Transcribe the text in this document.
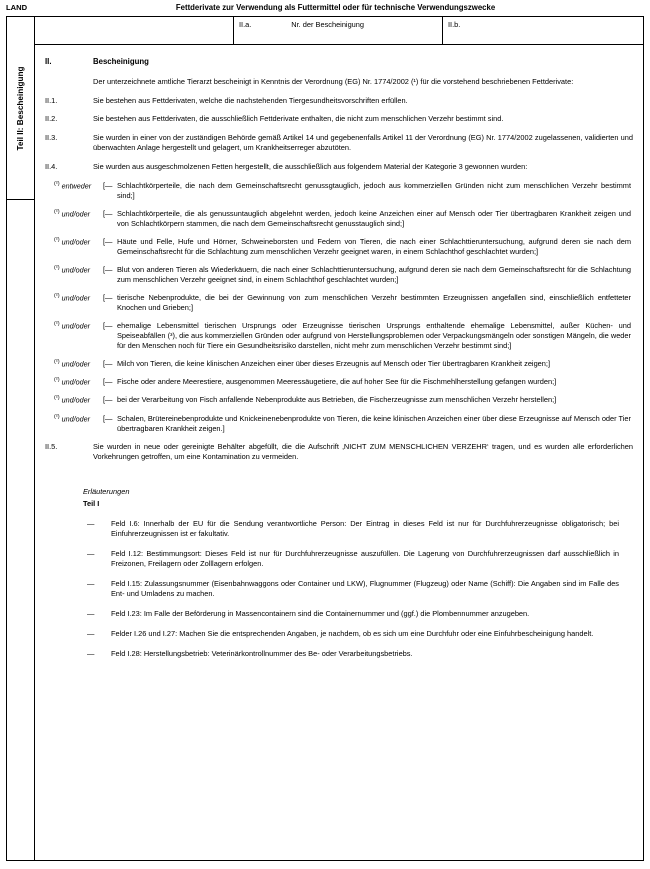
LAND	Fettderivate zur Verwendung als Futtermittel oder für technische Verwendungszwecke
Teil II: Bescheinigung
II.a.	Nr. der Bescheinigung	II.b.
II.	Bescheinigung
Der unterzeichnete amtliche Tierarzt bescheinigt in Kenntnis der Verordnung (EG) Nr. 1774/2002 (¹) für die vorstehend beschriebenen Fettderivate:
II.1.	Sie bestehen aus Fettderivaten, welche die nachstehenden Tiergesundheitsvorschriften erfüllen.
II.2.	Sie bestehen aus Fettderivaten, die ausschließlich Fettderivate enthalten, die nicht zum menschlichen Verzehr bestimmt sind.
II.3.	Sie wurden in einer von der zuständigen Behörde gemäß Artikel 14 und gegebenenfalls Artikel 11 der Verordnung (EG) Nr. 1774/2002 zugelassenen, validierten und überwachten Anlage hergestellt und gelagert, um Krankheitserreger abzutöten.
II.4.	Sie wurden aus ausgeschmolzenen Fetten hergestellt, die ausschließlich aus folgendem Material der Kategorie 3 gewonnen wurden:
$^{(^2)}$ entweder	[— Schlachtkörperteile, die nach dem Gemeinschaftsrecht genussgtauglich, jedoch aus kommerziellen Gründen nicht zum menschlichen Verzehr bestimmt sind;]
$^{(^2)}$ und/oder	[— Schlachtkörperteile, die als genussuntauglich abgelehnt werden, jedoch keine Anzeichen einer auf Mensch oder Tier übertragbaren Krankheit zeigen und von Schlachtkörpern stammen, die nach dem Gemeinschaftsrecht genusstauglich sind;]
$^{(^2)}$ und/oder	[— Häute und Felle, Hufe und Hörner, Schweineborsten und Federn von Tieren, die nach einer Schlachttieruntersuchung, aufgrund deren sie nach dem Gemeinschaftsrecht für die Schlachtung zum menschlichen Verzehr geeignet waren, in einem Schlachthof geschlachtet wurden;]
$^{(^2)}$ und/oder	[— Blut von anderen Tieren als Wiederkäuern, die nach einer Schlachttieruntersuchung, aufgrund deren sie nach dem Gemeinschaftsrecht für die Schlachtung zum menschlichen Verzehr geeignet sind, in einem Schlachthof geschlachtet wurden;]
$^{(^2)}$ und/oder	[— tierische Nebenprodukte, die bei der Gewinnung von zum menschlichen Verzehr bestimmten Erzeugnissen angefallen sind, einschließlich entfetteter Knochen und Grieben;]
$^{(^2)}$ und/oder	[— ehemalige Lebensmittel tierischen Ursprungs oder Erzeugnisse tierischen Ursprungs enthaltende ehemalige Lebensmittel, außer Küchen- und Speiseabfällen (³), die aus kommerziellen Gründen oder aufgrund von Herstellungsproblemen oder Verpackungsmängeln oder sonstigen Mängeln, die weder für den Menschen noch für Tiere ein Gesundheitsrisiko darstellen, nicht mehr zum menschlichen Verzehr bestimmt sind;]
$^{(^2)}$ und/oder	[— Milch von Tieren, die keine klinischen Anzeichen einer über dieses Erzeugnis auf Mensch oder Tier übertragbaren Krankheit zeigen;]
$^{(^2)}$ und/oder	[— Fische oder andere Meerestiere, ausgenommen Meeressäugetiere, die auf hoher See für die Fischmehlherstellung gefangen wurden;]
$^{(^2)}$ und/oder	[— bei der Verarbeitung von Fisch anfallende Nebenprodukte aus Betrieben, die Fischerzeugnisse zum menschlichen Verzehr herstellen;]
$^{(^2)}$ und/oder	[— Schalen, Brütereinebenprodukte und Knickeinenebenprodukte von Tieren, die keine klinischen Anzeichen einer über diese Erzeugnisse auf Mensch oder Tier übertragbaren Krankheit zeigen.]
II.5.	Sie wurden in neue oder gereinigte Behälter abgefüllt, die die Aufschrift ‚NICHT ZUM MENSCHLICHEN VERZEHR‘ tragen, und es wurden alle erforderlichen Vorkehrungen getroffen, um eine Kontamination zu vermeiden.
Erläuterungen
Teil I
—	Feld I.6: Innerhalb der EU für die Sendung verantwortliche Person: Der Eintrag in dieses Feld ist nur für Durchfuhrerzeugnisse obligatorisch; bei Einfuhrerzeugnissen ist er fakultativ.
—	Feld I.12: Bestimmungsort: Dieses Feld ist nur für Durchfuhrerzeugnisse auszufüllen. Die Lagerung von Durchfuhrerzeugnissen darf ausschließlich in Freizonen, Freilagern oder Zolllagern erfolgen.
—	Feld I.15: Zulassungsnummer (Eisenbahnwaggons oder Container und LKW), Flugnummer (Flugzeug) oder Name (Schiff): Die Angaben sind im Falle des Ent- und Umladens zu machen.
—	Feld I.23: Im Falle der Beförderung in Massencontainern sind die Containernummer und (ggf.) die Plombennummer anzugeben.
—	Felder I.26 und I.27: Machen Sie die entsprechenden Angaben, je nachdem, ob es sich um eine Durchfuhr oder eine Einfuhrbescheinigung handelt.
—	Feld I.28: Herstellungsbetrieb: Veterinärkontrollnummer des Be- oder Verarbeitungsbetriebs.
